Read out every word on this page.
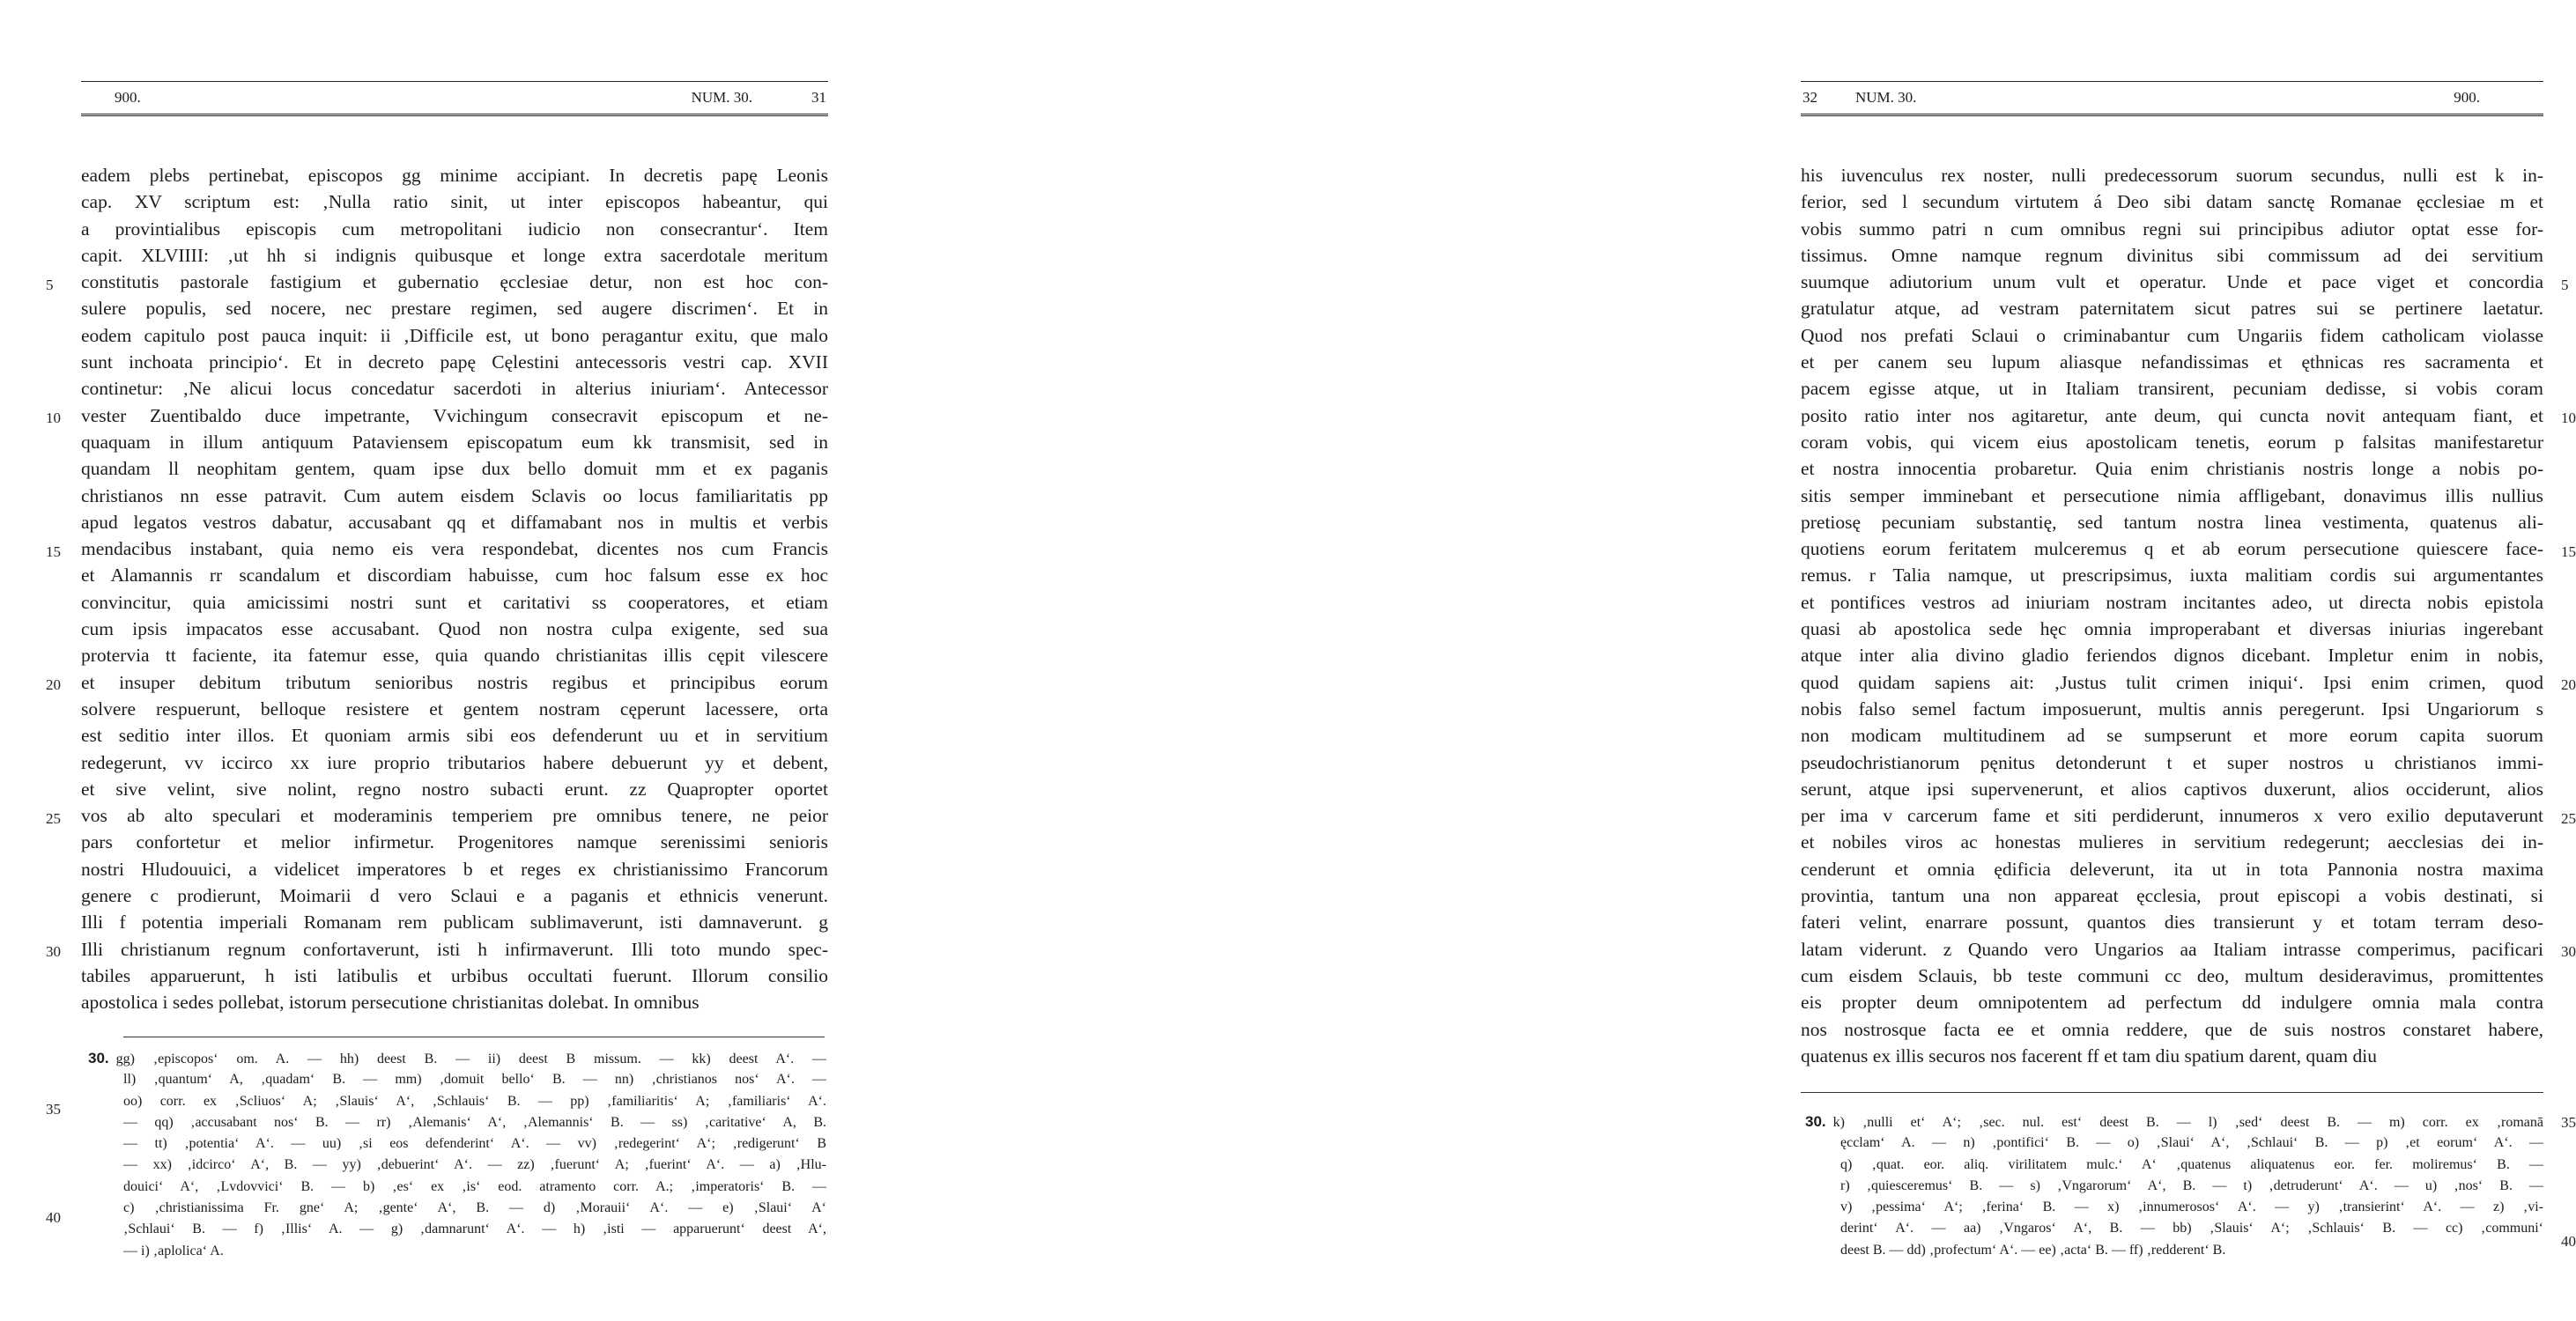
900.	NUM. 30.	31
eadem plebs pertinebat, episcopos gg minime accipiant. In decretis papę Leonis
cap. XV scriptum est: ‚Nulla ratio sinit, ut inter episcopos habeantur, qui
a provintialibus episcopis cum metropolitani iudicio non consecrantur‘. Item
capit. XLVIIII: ‚ut hh si indignis quibusque et longe extra sacerdotale meritum
constitutis pastorale fastigium et gubernatio ęcclesiae detur, non est hoc con-
sulere populis, sed nocere, nec prestare regimen, sed augere discrimen‘. Et in
eodem capitulo post pauca inquit: ii ‚Difficile est, ut bono peragantur exitu, que malo
sunt inchoata principio‘. Et in decreto papę Cęlestini antecessoris vestri cap. XVII
continetur: ‚Ne alicui locus concedatur sacerdoti in alterius iniuriam‘. Antecessor
vester Zuentibaldo duce impetrante, Vvichingum consecravit episcopum et ne-
quaquam in illum antiquum Pataviensem episcopatum eum kk transmisit, sed in
quandam ll neophitam gentem, quam ipse dux bello domuit mm et ex paganis
christianos nn esse patravit. Cum autem eisdem Sclavis oo locus familiaritatis pp
apud legatos vestros dabatur, accusabant qq et diffamabant nos in multis et verbis
mendacibus instabant, quia nemo eis vera respondebat, dicentes nos cum Francis
et Alamannis rr scandalum et discordiam habuisse, cum hoc falsum esse ex hoc
convincitur, quia amicissimi nostri sunt et caritativi ss cooperatores, et etiam
cum ipsis impacatos esse accusabant. Quod non nostra culpa exigente, sed sua
protervia tt faciente, ita fatemur esse, quia quando christianitas illis cępit vilescere
et insuper debitum tributum senioribus nostris regibus et principibus eorum
solvere respuerunt, belloque resistere et gentem nostram cęperunt lacessere, orta
est seditio inter illos. Et quoniam armis sibi eos defenderunt uu et in servitium
redegerunt, vv iccirco xx iure proprio tributarios habere debuerunt yy et debent,
et sive velint, sive nolint, regno nostro subacti erunt. zz Quapropter oportet
vos ab alto speculari et moderaminis temperiem pre omnibus tenere, ne peior
pars confortetur et melior infirmetur. Progenitores namque serenissimi senioris
nostri Hludouuici, a videlicet imperatores b et reges ex christianissimo Francorum
genere c prodierunt, Moimarii d vero Sclaui e a paganis et ethnicis venerunt.
Illi f potentia imperiali Romanam rem publicam sublimaverunt, isti damnaverunt. g
Illi christianum regnum confortaverunt, isti h infirmaverunt. Illi toto mundo spec-
tabiles apparuerunt, h isti latibulis et urbibus occultati fuerunt. Illorum consilio
apostolica i sedes pollebat, istorum persecutione christianitas dolebat. In omnibus
5
10
15
20
25
30
35
40
30. gg) ‚episcopos‘ om. A. — hh) deest B. — ii) deest B missum. — kk) deest A‘. —
ll) ‚quantum‘ A, ‚quadam‘ B. — mm) ‚domuit bello‘ B. — nn) ‚christianos nos‘ A‘. —
oo) corr. ex ‚Scliuos‘ A; ‚Slauis‘ A‘, ‚Schlauis‘ B. — pp) ‚familiaritis‘ A; ‚familiaris‘ A‘.
— qq) ‚accusabant nos‘ B. — rr) ‚Alemanis‘ A‘, ‚Alemannis‘ B. — ss) ‚caritative‘ A, B.
— tt) ‚potentia‘ A‘. — uu) ‚si eos defenderint‘ A‘. — vv) ‚redegerint‘ A‘; ‚redigerunt‘ B
— xx) ‚idcirco‘ A‘, B. — yy) ‚debuerint‘ A‘. — zz) ‚fuerunt‘ A; ‚fuerint‘ A‘. — a) ‚Hlu-
douici‘ A‘, ‚Lvdovvici‘ B. — b) ‚es‘ ex ‚is‘ eod. atramento corr. A.; ‚imperatoris‘ B. —
c) ‚christianissima Fr. gne‘ A; ‚gente‘ A‘, B. — d) ‚Morauii‘ A‘. — e) ‚Slaui‘ A‘
‚Schlaui‘ B. — f) ‚Illis‘ A. — g) ‚damnarunt‘ A‘. — h) ‚isti — apparuerunt‘ deest A‘,
— i) ‚aplolica‘ A.
32	NUM. 30.	900.
his iuvenculus rex noster, nulli predecessorum suorum secundus, nulli est k in-
ferior, sed l secundum virtutem á Deo sibi datam sanctę Romanae ęcclesiae m et
vobis summo patri n cum omnibus regni sui principibus adiutor optat esse for-
tissimus. Omne namque regnum divinitus sibi commissum ad dei servitium
suumque adiutorium unum vult et operatur. Unde et pace viget et concordia
gratulatur atque, ad vestram paternitatem sicut patres sui se pertinere laetatur.
Quod nos prefati Sclaui o criminabantur cum Ungariis fidem catholicam violasse
et per canem seu lupum aliasque nefandissimas et ęthnicas res sacramenta et
pacem egisse atque, ut in Italiam transirent, pecuniam dedisse, si vobis coram
posito ratio inter nos agitaretur, ante deum, qui cuncta novit antequam fiant, et
coram vobis, qui vicem eius apostolicam tenetis, eorum p falsitas manifestaretur
et nostra innocentia probaretur. Quia enim christianis nostris longe a nobis po-
sitis semper imminebant et persecutione nimia affligebant, donavimus illis nullius
pretiosę pecuniam substantię, sed tantum nostra linea vestimenta, quatenus ali-
quotiens eorum feritatem mulceremus q et ab eorum persecutione quiescere face-
remus. r Talia namque, ut prescripsimus, iuxta malitiam cordis sui argumentantes
et pontifices vestros ad iniuriam nostram incitantes adeo, ut directa nobis epistola
quasi ab apostolica sede hęc omnia improperabant et diversas iniurias ingerebant
atque inter alia divino gladio feriendos dignos dicebant. Impletur enim in nobis,
quod quidam sapiens ait: ‚Justus tulit crimen iniqui‘. Ipsi enim crimen, quod
nobis falso semel factum imposuerunt, multis annis peregerunt. Ipsi Ungariorum s
non modicam multitudinem ad se sumpserunt et more eorum capita suorum
pseudochristianorum pęnitus detonderunt t et super nostros u christianos immi-
serunt, atque ipsi supervenerunt, et alios captivos duxerunt, alios occiderunt, alios
per ima v carcerum fame et siti perdiderunt, innumeros x vero exilio deputaverunt
et nobiles viros ac honestas mulieres in servitium redegerunt; aecclesias dei in-
cenderunt et omnia ędificia deleverunt, ita ut in tota Pannonia nostra maxima
provintia, tantum una non appareat ęcclesia, prout episcopi a vobis destinati, si
fateri velint, enarrare possunt, quantos dies transierunt y et totam terram deso-
latam viderunt. z Quando vero Ungarios aa Italiam intrasse comperimus, pacificari
cum eisdem Sclauis, bb teste communi cc deo, multum desideravimus, promittentes
eis propter deum omnipotentem ad perfectum dd indulgere omnia mala contra
nos nostrosque facta ee et omnia reddere, que de suis nostros constaret habere,
quatenus ex illis securos nos facerent ff et tam diu spatium darent, quam diu
5
10
15
20
25
30
35
40
30. k) ‚nulli et‘ A‘; ‚sec. nul. est‘ deest B. — l) ‚sed‘ deest B. — m) corr. ex ‚romanā
ęcclam‘ A. — n) ‚pontifici‘ B. — o) ‚Slaui‘ A‘, ‚Schlaui‘ B. — p) ‚et eorum‘ A‘. —
q) ‚quat. eor. aliq. virilitatem mulc.‘ A‘ ‚quatenus aliquatenus eor. fer. moliremus‘ B. —
r) ‚quiesceremus‘ B. — s) ‚Vngarorum‘ A‘, B. — t) ‚detruderunt‘ A‘. — u) ‚nos‘ B. —
v) ‚pessima‘ A‘; ‚ferina‘ B. — x) ‚innumerosos‘ A‘. — y) ‚transierint‘ A‘. — z) ‚vi-
derint‘ A‘. — aa) ‚Vngaros‘ A‘, B. — bb) ‚Slauis‘ A‘; ‚Schlauis‘ B. — cc) ‚communi‘
deest B. — dd) ‚profectum‘ A‘. — ee) ‚acta‘ B. — ff) ‚redderent‘ B.
